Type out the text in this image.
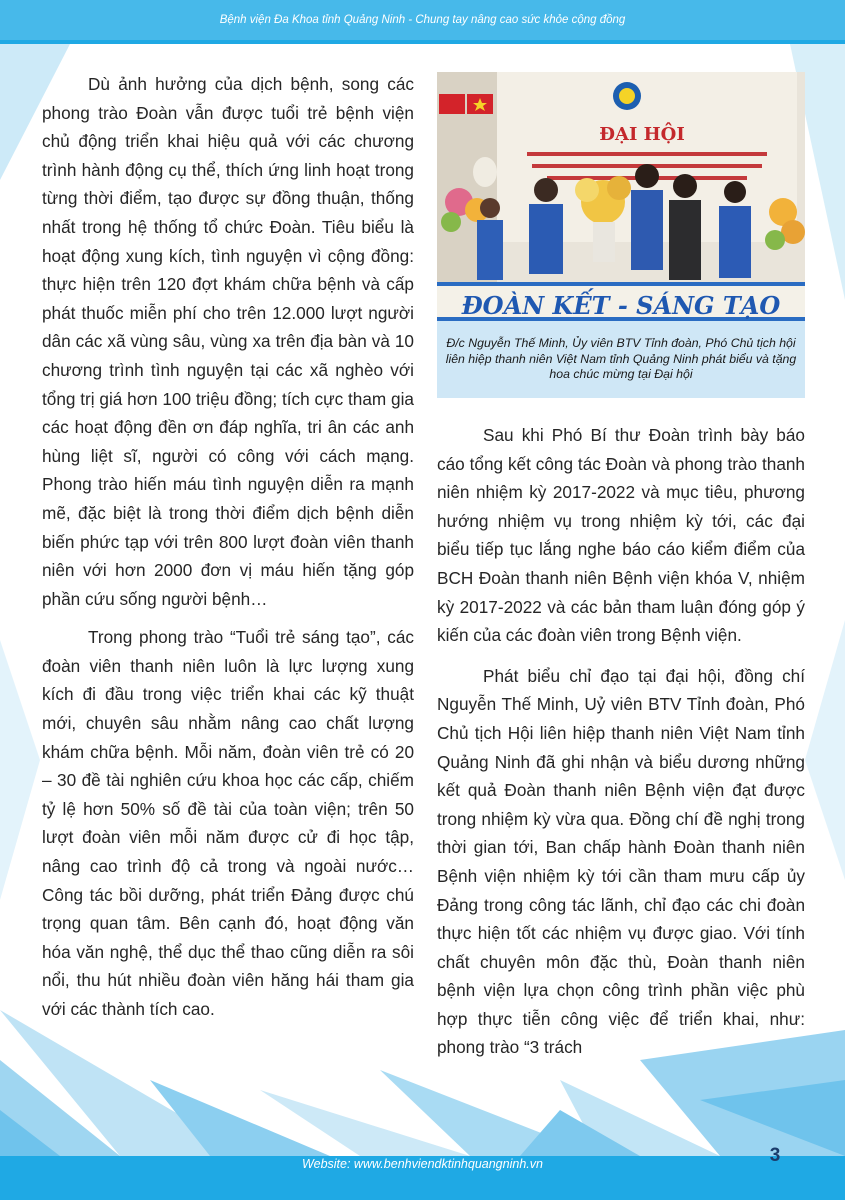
Bệnh viện Đa Khoa tỉnh Quảng Ninh - Chung tay nâng cao sức khỏe cộng đồng

Dù ảnh hưởng của dịch bệnh, song các phong trào Đoàn vẫn được tuổi trẻ bệnh viện chủ động triển khai hiệu quả với các chương trình hành động cụ thể, thích ứng linh hoạt trong từng thời điểm, tạo được sự đồng thuận, thống nhất trong hệ thống tổ chức Đoàn. Tiêu biểu là hoạt động xung kích, tình nguyện vì cộng đồng: thực hiện trên 120 đợt khám chữa bệnh và cấp phát thuốc miễn phí cho trên 12.000 lượt người dân các xã vùng sâu, vùng xa trên địa bàn và 10 chương trình tình nguyện tại các xã nghèo với tổng trị giá hơn 100 triệu đồng; tích cực tham gia các hoạt động đền ơn đáp nghĩa, tri ân các anh hùng liệt sĩ, người có công với cách mạng. Phong trào hiến máu tình nguyện diễn ra mạnh mẽ, đặc biệt là trong thời điểm dịch bệnh diễn biến phức tạp với trên 800 lượt đoàn viên thanh niên với hơn 2000 đơn vị máu hiến tặng góp phần cứu sống người bệnh…

Trong phong trào “Tuổi trẻ sáng tạo”, các đoàn viên thanh niên luôn là lực lượng xung kích đi đầu trong việc triển khai các kỹ thuật mới, chuyên sâu nhằm nâng cao chất lượng khám chữa bệnh. Mỗi năm, đoàn viên trẻ có 20 – 30 đề tài nghiên cứu khoa học các cấp, chiếm tỷ lệ hơn 50% số đề tài của toàn viện; trên 50 lượt đoàn viên mỗi năm được cử đi học tập, nâng cao trình độ cả trong và ngoài nước… Công tác bồi dưỡng, phát triển Đảng được chú trọng quan tâm. Bên cạnh đó, hoạt động văn hóa văn nghệ, thể dục thể thao cũng diễn ra sôi nổi, thu hút nhiều đoàn viên hăng hái tham gia với các thành tích cao.

ĐẠI HỘI
ĐOÀN KẾT - SÁNG TẠO
Đ/c Nguyễn Thế Minh, Ủy viên BTV Tỉnh đoàn, Phó Chủ tịch hội liên hiệp thanh niên Việt Nam tỉnh Quảng Ninh phát biểu và tặng hoa chúc mừng tại Đại hội

Sau khi Phó Bí thư Đoàn trình bày báo cáo tổng kết công tác Đoàn và phong trào thanh niên nhiệm kỳ 2017-2022 và mục tiêu, phương hướng nhiệm vụ trong nhiệm kỳ tới, các đại biểu tiếp tục lắng nghe báo cáo kiểm điểm của BCH Đoàn thanh niên Bệnh viện khóa V, nhiệm kỳ 2017-2022 và các bản tham luận đóng góp ý kiến của các đoàn viên trong Bệnh viện.

Phát biểu chỉ đạo tại đại hội, đồng chí Nguyễn Thế Minh, Uỷ viên BTV Tỉnh đoàn, Phó Chủ tịch Hội liên hiệp thanh niên Việt Nam tỉnh Quảng Ninh đã ghi nhận và biểu dương những kết quả Đoàn thanh niên Bệnh viện đạt được trong nhiệm kỳ vừa qua. Đồng chí đề nghị trong thời gian tới, Ban chấp hành Đoàn thanh niên Bệnh viện nhiệm kỳ tới cần tham mưu cấp ủy Đảng trong công tác lãnh, chỉ đạo các chi đoàn thực hiện tốt các nhiệm vụ được giao. Với tính chất chuyên môn đặc thù, Đoàn thanh niên bệnh viện lựa chọn công trình phần việc phù hợp thực tiễn công việc để triển khai, như: phong trào “3 trách

Website: www.benhviendktinhquangninh.vn	3
